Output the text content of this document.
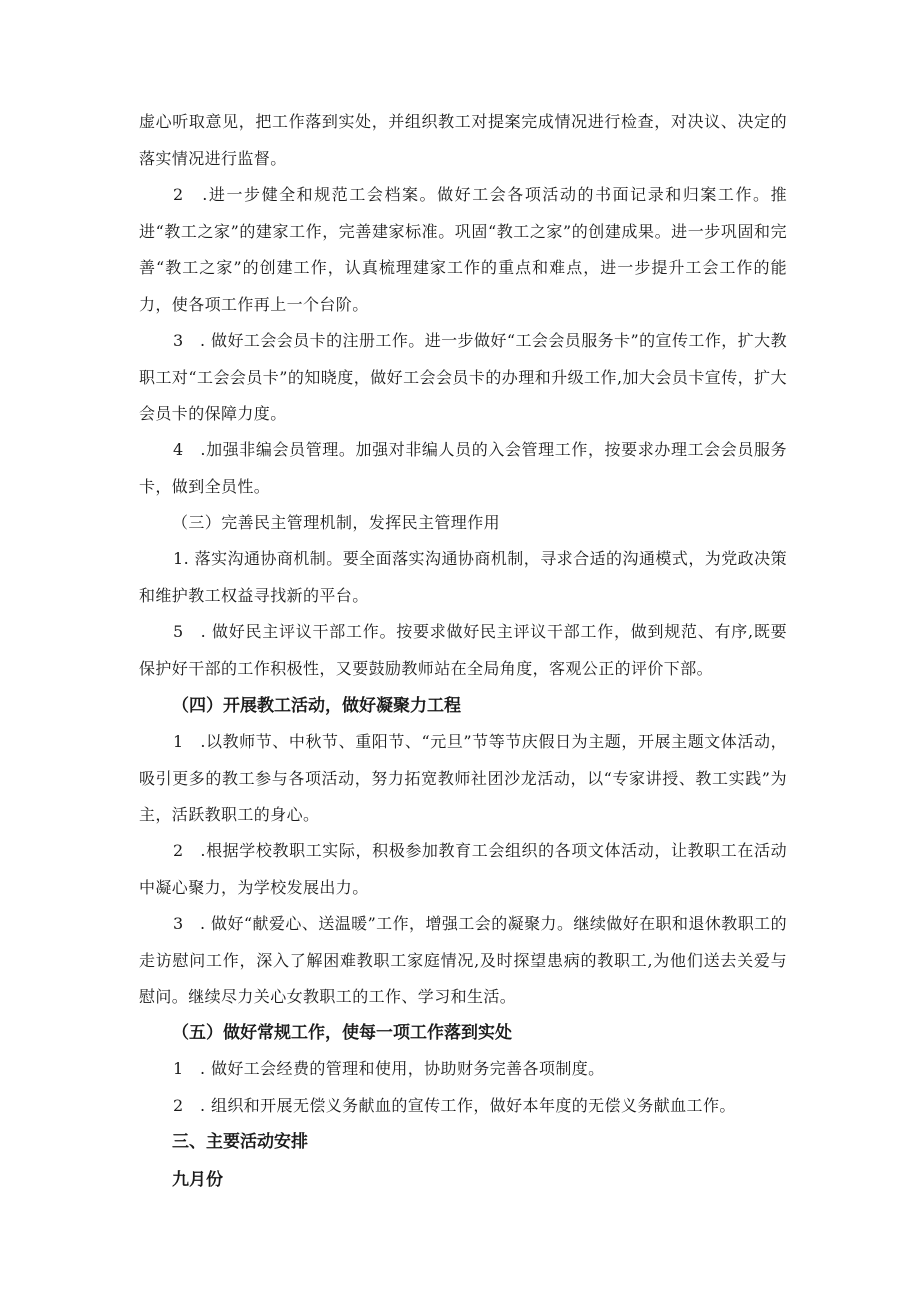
虚心听取意见，把工作落到实处，并组织教工对提案完成情况进行检查，对决议、决定的落实情况进行监督。

2　.进一步健全和规范工会档案。做好工会各项活动的书面记录和归案工作。推进“教工之家”的建家工作，完善建家标准。巩固“教工之家”的创建成果。进一步巩固和完善“教工之家”的创建工作，认真梳理建家工作的重点和难点，进一步提升工会工作的能力，使各项工作再上一个台阶。

3　. 做好工会会员卡的注册工作。进一步做好“工会会员服务卡”的宣传工作，扩大教职工对“工会会员卡”的知晓度，做好工会会员卡的办理和升级工作,加大会员卡宣传，扩大会员卡的保障力度。

4　.加强非编会员管理。加强对非编人员的入会管理工作，按要求办理工会会员服务卡，做到全员性。

（三）完善民主管理机制，发挥民主管理作用

1. 落实沟通协商机制。要全面落实沟通协商机制，寻求合适的沟通模式，为党政决策和维护教工权益寻找新的平台。

5　. 做好民主评议干部工作。按要求做好民主评议干部工作，做到规范、有序,既要保护好干部的工作积极性，又要鼓励教师站在全局角度，客观公正的评价下部。

（四）开展教工活动，做好凝聚力工程

1　.以教师节、中秋节、重阳节、“元旦”节等节庆假日为主题，开展主题文体活动，吸引更多的教工参与各项活动，努力拓宽教师社团沙龙活动，以“专家讲授、教工实践”为主，活跃教职工的身心。

2　.根据学校教职工实际，积极参加教育工会组织的各项文体活动，让教职工在活动中凝心聚力，为学校发展出力。

3　. 做好“献爱心、送温暖”工作，增强工会的凝聚力。继续做好在职和退休教职工的走访慰问工作，深入了解困难教职工家庭情况,及时探望患病的教职工,为他们送去关爱与慰问。继续尽力关心女教职工的工作、学习和生活。

（五）做好常规工作，使每一项工作落到实处

1　. 做好工会经费的管理和使用，协助财务完善各项制度。

2　. 组织和开展无偿义务献血的宣传工作，做好本年度的无偿义务献血工作。

三、主要活动安排

九月份
